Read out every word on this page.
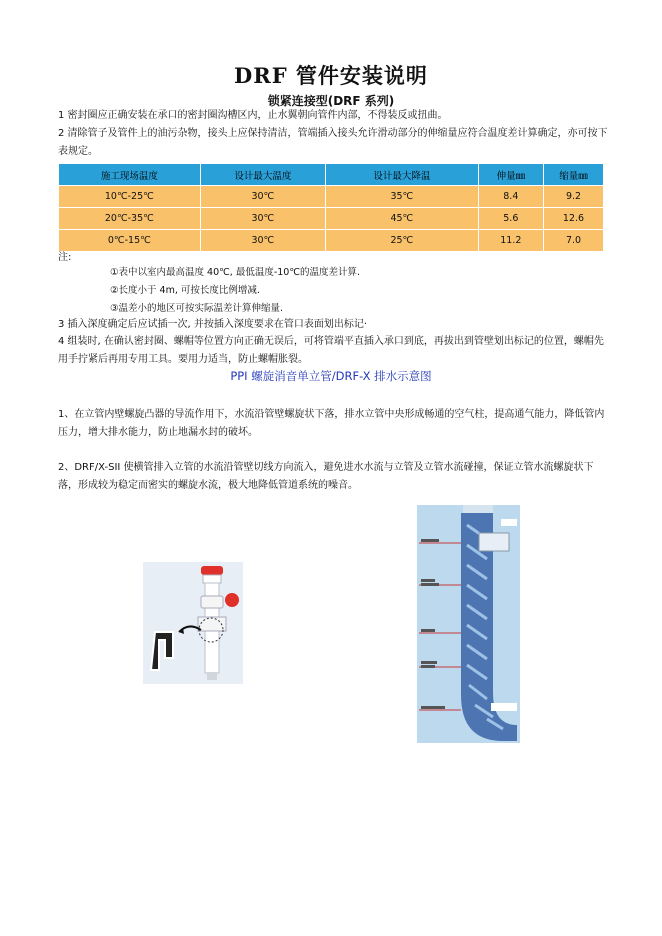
DRF 管件安装说明
锁紧连接型(DRF 系列)
1 密封圈应正确安装在承口的密封圈沟槽区内，止水翼朝向管件内部，不得装反或扭曲。
2 清除管子及管件上的油污杂物，接头上应保持清洁，管端插入接头允许滑动部分的伸缩量应符合温度差计算确定，亦可按下表规定。
施工现场温度	设计最大温度	设计最大降温	伸量㎜	缩量㎜
10℃-25℃	30℃	35℃	8.4	9.2
20℃-35℃	30℃	45℃	5.6	12.6
0℃-15℃	30℃	25℃	11.2	7.0
注:
①表中以室内最高温度 40℃, 最低温度-10℃的温度差计算.
②长度小于 4m, 可按长度比例增减.
③温差小的地区可按实际温差计算伸缩量.
3 插入深度确定后应试插一次, 并按插入深度要求在管口表面划出标记·
4 组装时, 在确认密封圈、螺帽等位置方向正确无误后，可将管端平直插入承口到底，再拔出到管壁划出标记的位置，螺帽先用手拧紧后再用专用工具。要用力适当，防止螺帽胀裂。
PPI 螺旋消音单立管/DRF-X 排水示意图
1、在立管内壁螺旋凸器的导流作用下，水流沿管壁螺旋状下落，排水立管中央形成畅通的空气柱，提高通气能力，降低管内压力，增大排水能力，防止地漏水封的破坏。
2、DRF/X-SII 使横管排入立管的水流沿管壁切线方向流入，避免进水水流与立管及立管水流碰撞，保证立管水流螺旋状下落，形成较为稳定而密实的螺旋水流，极大地降低管道系统的噪音。
